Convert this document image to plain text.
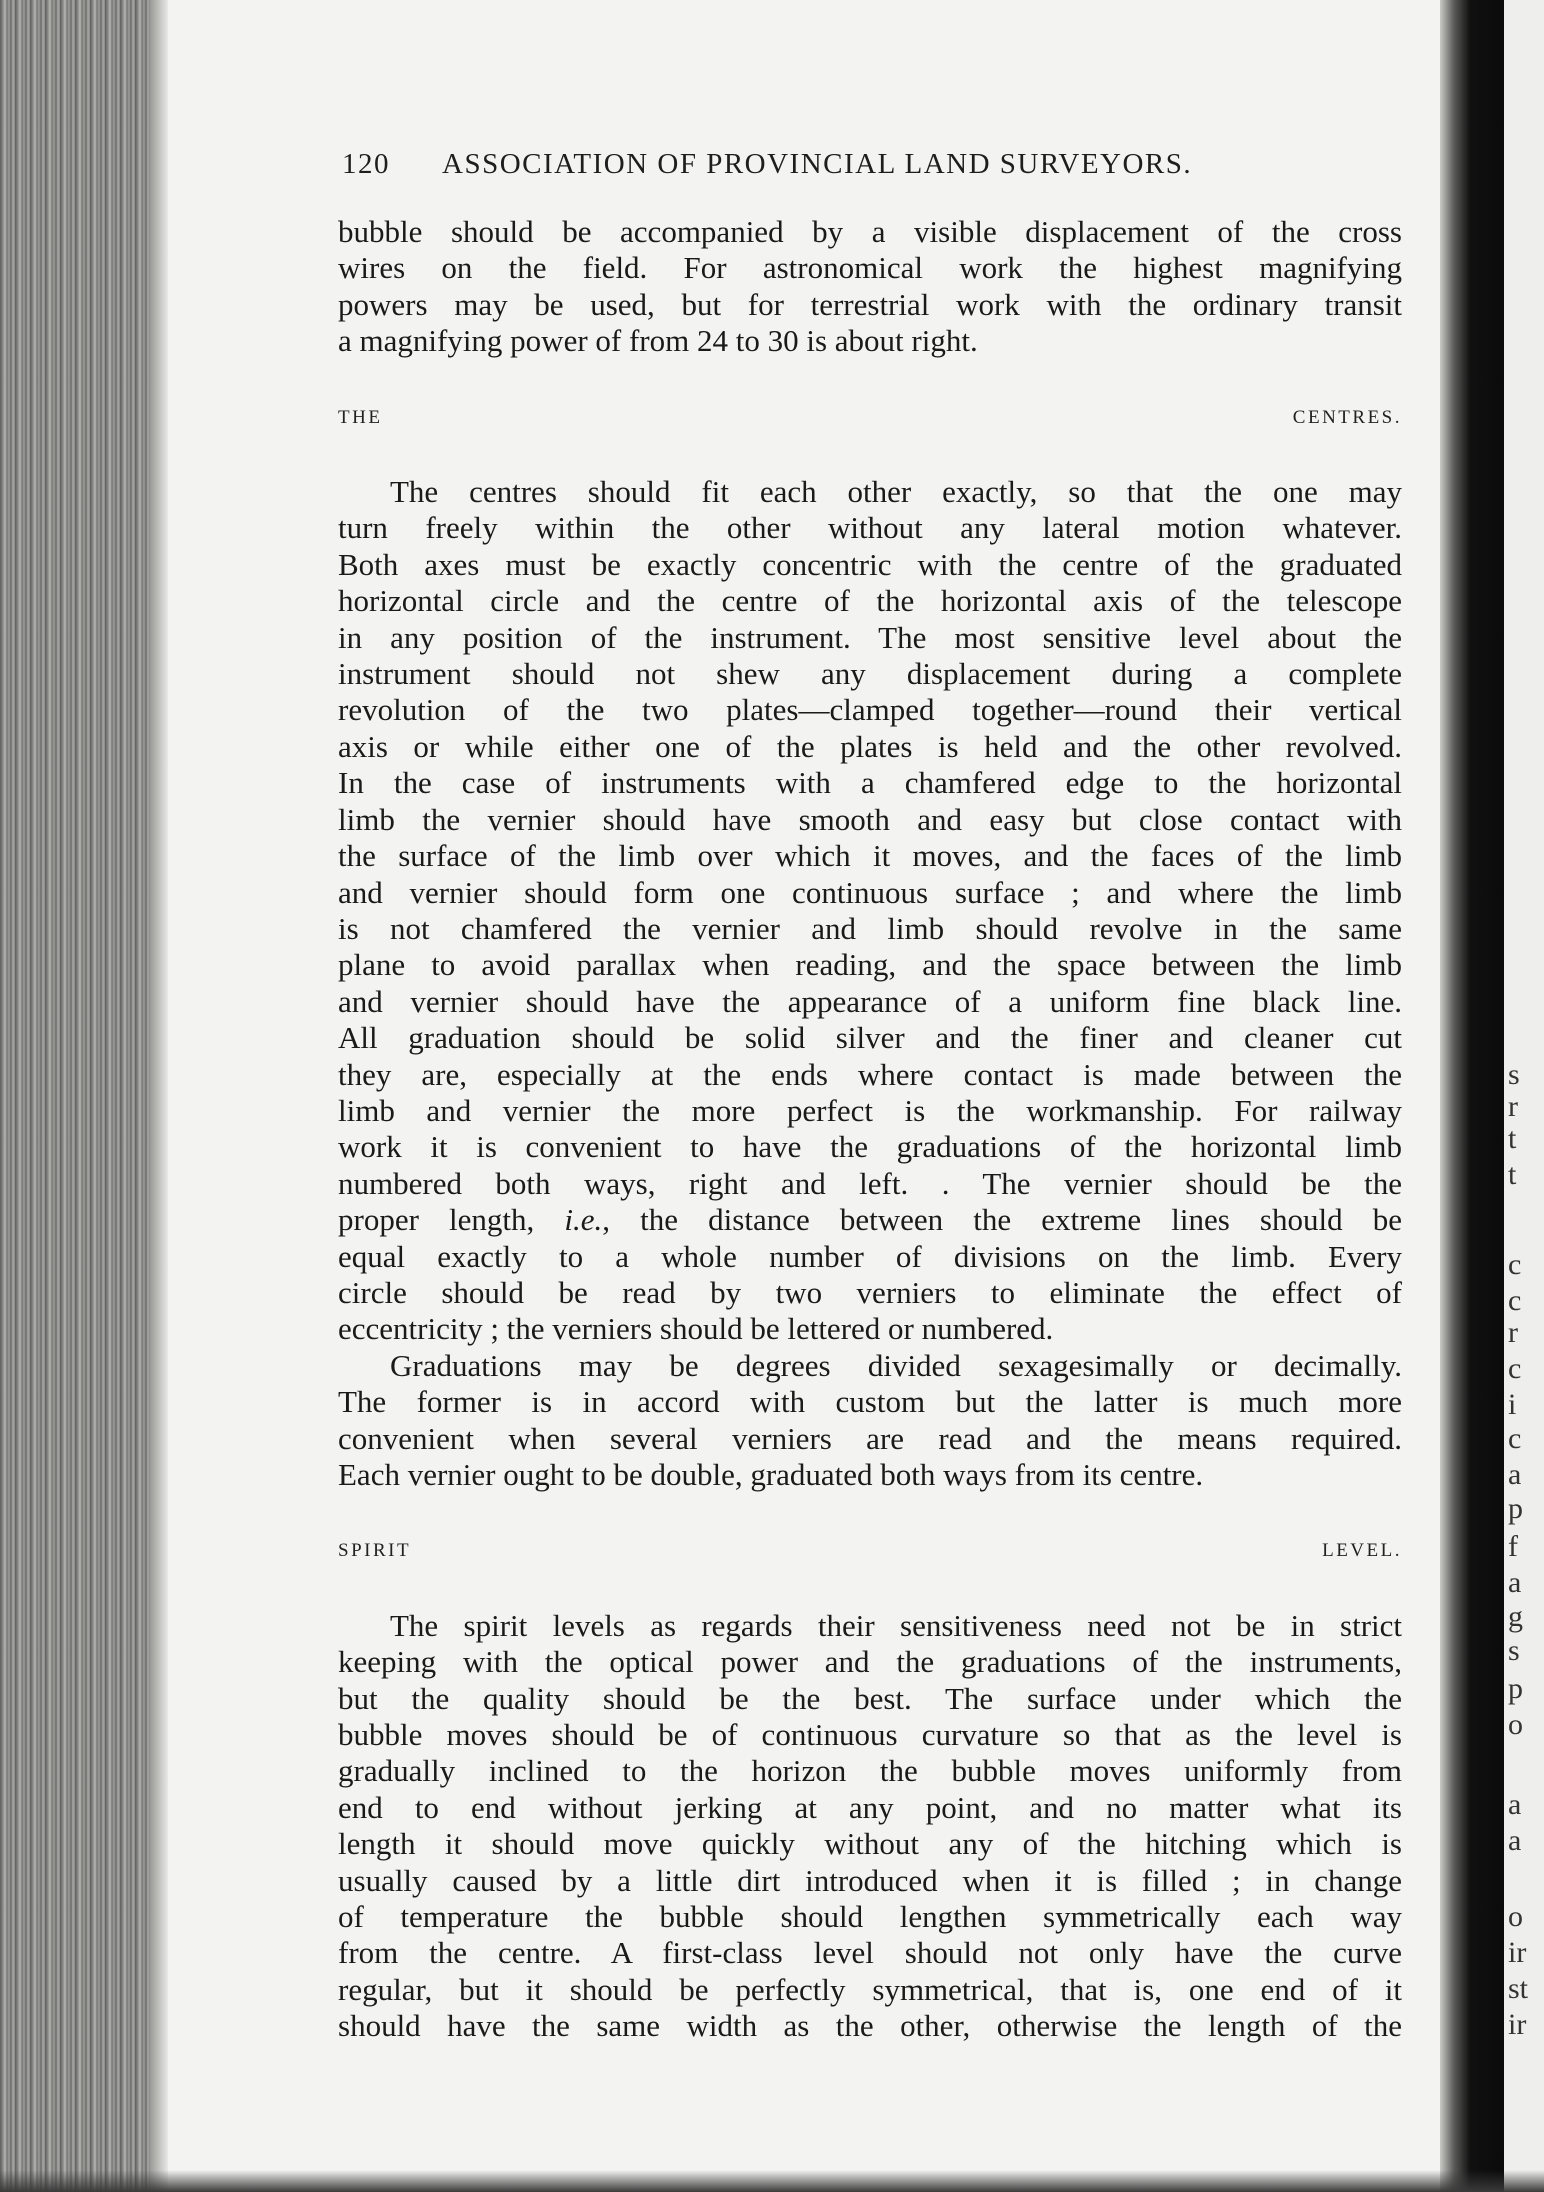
s
r
t
t
c
c
r
c
i
c
a
p
f
a
g
s
p
o
a
a
o
ir
st
ir
120 ASSOCIATION OF PROVINCIAL LAND SURVEYORS.
bubble should be accompanied by a visible displacement of the cross
wires on the field. For astronomical work the highest magnifying
powers may be used, but for terrestrial work with the ordinary transit
a magnifying power of from 24 to 30 is about right.

THE CENTRES.

The centres should fit each other exactly, so that the one may
turn freely within the other without any lateral motion whatever.
Both axes must be exactly concentric with the centre of the graduated
horizontal circle and the centre of the horizontal axis of the telescope
in any position of the instrument. The most sensitive level about the
instrument should not shew any displacement during a complete
revolution of the two plates—clamped together—round their vertical
axis or while either one of the plates is held and the other revolved.
In the case of instruments with a chamfered edge to the horizontal
limb the vernier should have smooth and easy but close contact with
the surface of the limb over which it moves, and the faces of the limb
and vernier should form one continuous surface ; and where the limb
is not chamfered the vernier and limb should revolve in the same
plane to avoid parallax when reading, and the space between the limb
and vernier should have the appearance of a uniform fine black line.
All graduation should be solid silver and the finer and cleaner cut
they are, especially at the ends where contact is made between the
limb and vernier the more perfect is the workmanship. For railway
work it is convenient to have the graduations of the horizontal limb
numbered both ways, right and left. . The vernier should be the
proper length, i.e., the distance between the extreme lines should be
equal exactly to a whole number of divisions on the limb. Every
circle should be read by two verniers to eliminate the effect of
eccentricity ; the verniers should be lettered or numbered.
Graduations may be degrees divided sexagesimally or decimally.
The former is in accord with custom but the latter is much more
convenient when several verniers are read and the means required.
Each vernier ought to be double, graduated both ways from its centre.

SPIRIT LEVEL.

The spirit levels as regards their sensitiveness need not be in strict
keeping with the optical power and the graduations of the instruments,
but the quality should be the best. The surface under which the
bubble moves should be of continuous curvature so that as the level is
gradually inclined to the horizon the bubble moves uniformly from
end to end without jerking at any point, and no matter what its
length it should move quickly without any of the hitching which is
usually caused by a little dirt introduced when it is filled ; in change
of temperature the bubble should lengthen symmetrically each way
from the centre. A first-class level should not only have the curve
regular, but it should be perfectly symmetrical, that is, one end of it
should have the same width as the other, otherwise the length of the
